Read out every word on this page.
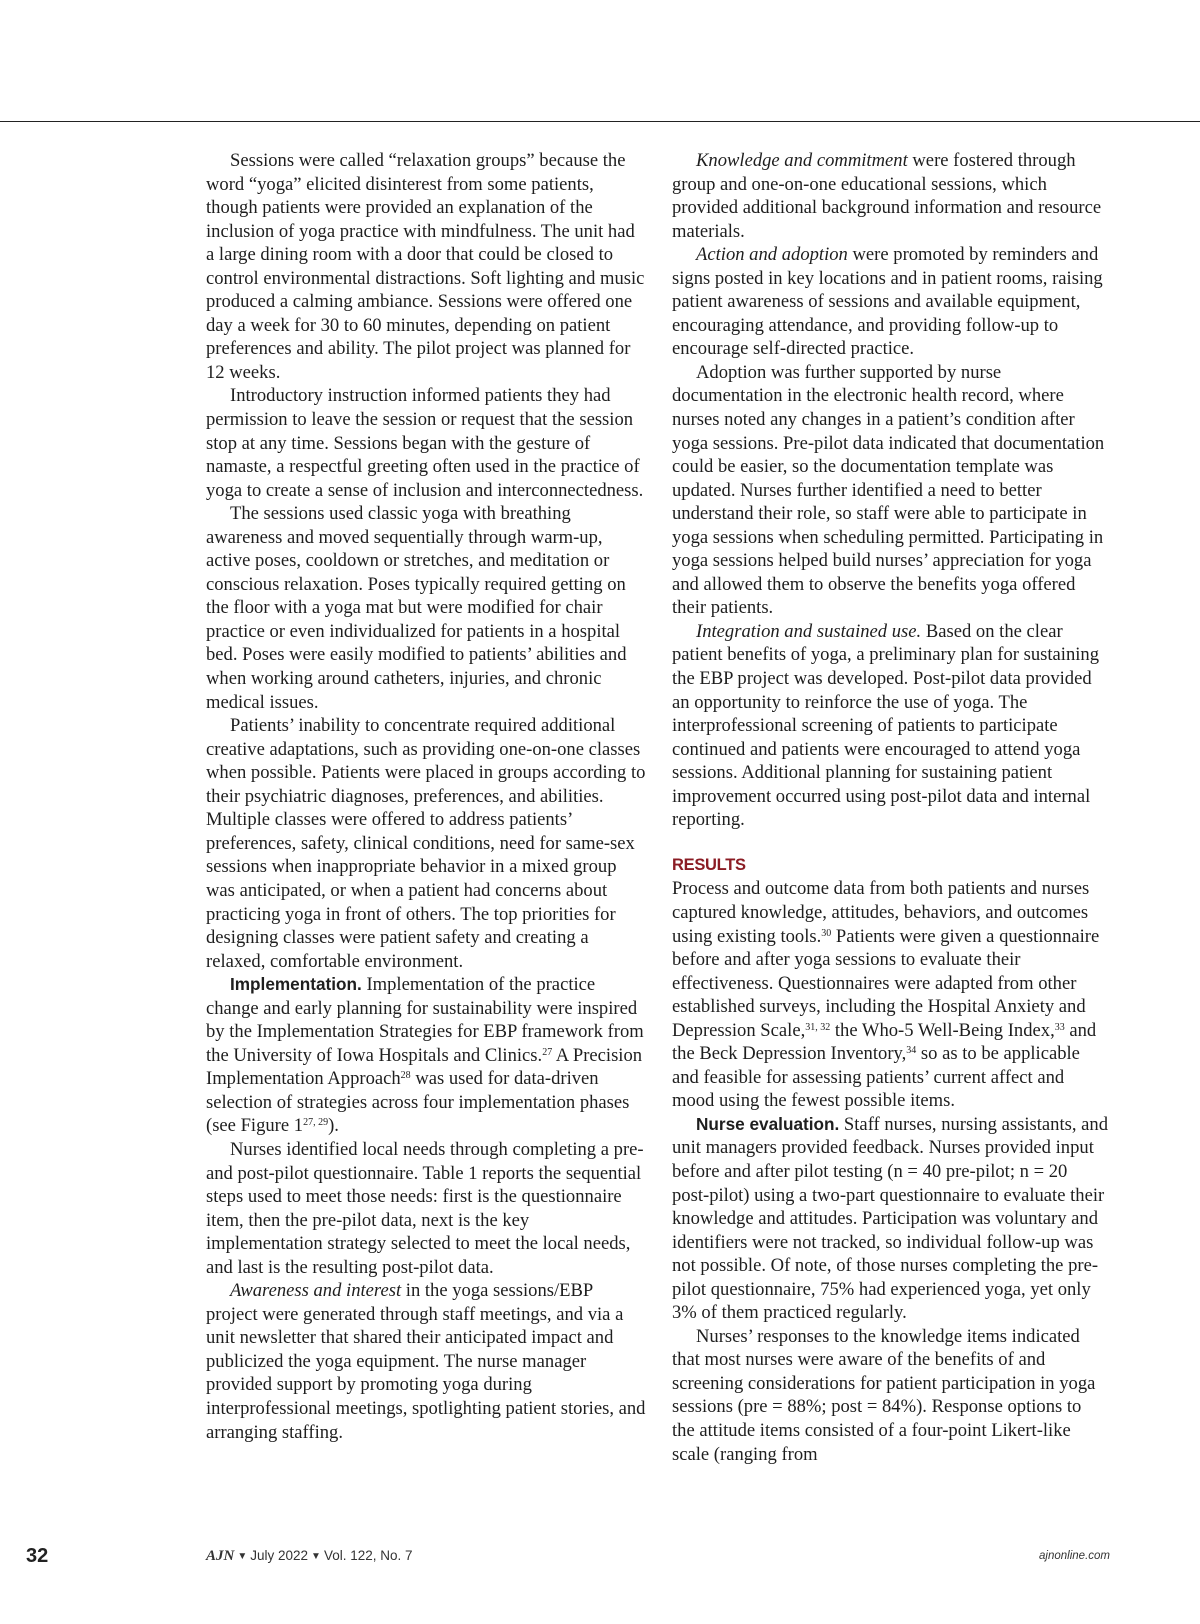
Sessions were called “relaxation groups” because the word “yoga” elicited disinterest from some patients, though patients were provided an explanation of the inclusion of yoga practice with mindfulness. The unit had a large dining room with a door that could be closed to control environmental distractions. Soft lighting and music produced a calming ambiance. Sessions were offered one day a week for 30 to 60 minutes, depending on patient preferences and ability. The pilot project was planned for 12 weeks.

Introductory instruction informed patients they had permission to leave the session or request that the session stop at any time. Sessions began with the gesture of namaste, a respectful greeting often used in the practice of yoga to create a sense of inclusion and interconnectedness.

The sessions used classic yoga with breathing awareness and moved sequentially through warm-up, active poses, cooldown or stretches, and meditation or conscious relaxation. Poses typically required getting on the floor with a yoga mat but were modified for chair practice or even individualized for patients in a hospital bed. Poses were easily modified to patients’ abilities and when working around catheters, injuries, and chronic medical issues.

Patients’ inability to concentrate required additional creative adaptations, such as providing one-on-one classes when possible. Patients were placed in groups according to their psychiatric diagnoses, preferences, and abilities. Multiple classes were offered to address patients’ preferences, safety, clinical conditions, need for same-sex sessions when inappropriate behavior in a mixed group was anticipated, or when a patient had concerns about practicing yoga in front of others. The top priorities for designing classes were patient safety and creating a relaxed, comfortable environment.

Implementation. Implementation of the practice change and early planning for sustainability were inspired by the Implementation Strategies for EBP framework from the University of Iowa Hospitals and Clinics.$^{27}$ A Precision Implementation Approach$^{28}$ was used for data-driven selection of strategies across four implementation phases (see Figure 1$^{27, 29}$).

Nurses identified local needs through completing a pre- and post-pilot questionnaire. Table 1 reports the sequential steps used to meet those needs: first is the questionnaire item, then the pre-pilot data, next is the key implementation strategy selected to meet the local needs, and last is the resulting post-pilot data.

Awareness and interest in the yoga sessions/EBP project were generated through staff meetings, and via a unit newsletter that shared their anticipated impact and publicized the yoga equipment. The nurse manager provided support by promoting yoga during interprofessional meetings, spotlighting patient stories, and arranging staffing.

Knowledge and commitment were fostered through group and one-on-one educational sessions, which provided additional background information and resource materials.

Action and adoption were promoted by reminders and signs posted in key locations and in patient rooms, raising patient awareness of sessions and available equipment, encouraging attendance, and providing follow-up to encourage self-directed practice.

Adoption was further supported by nurse documentation in the electronic health record, where nurses noted any changes in a patient’s condition after yoga sessions. Pre-pilot data indicated that documentation could be easier, so the documentation template was updated. Nurses further identified a need to better understand their role, so staff were able to participate in yoga sessions when scheduling permitted. Participating in yoga sessions helped build nurses’ appreciation for yoga and allowed them to observe the benefits yoga offered their patients.

Integration and sustained use. Based on the clear patient benefits of yoga, a preliminary plan for sustaining the EBP project was developed. Post-pilot data provided an opportunity to reinforce the use of yoga. The interprofessional screening of patients to participate continued and patients were encouraged to attend yoga sessions. Additional planning for sustaining patient improvement occurred using post-pilot data and internal reporting.

RESULTS

Process and outcome data from both patients and nurses captured knowledge, attitudes, behaviors, and outcomes using existing tools.$^{30}$ Patients were given a questionnaire before and after yoga sessions to evaluate their effectiveness. Questionnaires were adapted from other established surveys, including the Hospital Anxiety and Depression Scale,$^{31, 32}$ the Who-5 Well-Being Index,$^{33}$ and the Beck Depression Inventory,$^{34}$ so as to be applicable and feasible for assessing patients’ current affect and mood using the fewest possible items.

Nurse evaluation. Staff nurses, nursing assistants, and unit managers provided feedback. Nurses provided input before and after pilot testing (n = 40 pre-pilot; n = 20 post-pilot) using a two-part questionnaire to evaluate their knowledge and attitudes. Participation was voluntary and identifiers were not tracked, so individual follow-up was not possible. Of note, of those nurses completing the pre-pilot questionnaire, 75% had experienced yoga, yet only 3% of them practiced regularly.

Nurses’ responses to the knowledge items indicated that most nurses were aware of the benefits of and screening considerations for patient participation in yoga sessions (pre = 88%; post = 84%). Response options to the attitude items consisted of a four-point Likert-like scale (ranging from

32	AJN ▼ July 2022 ▼ Vol. 122, No. 7	ajnonline.com
